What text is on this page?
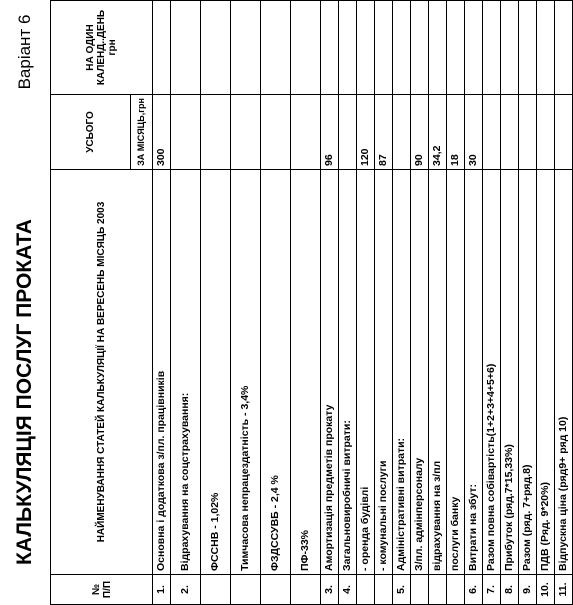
КАЛЬКУЛЯЦІЯ ПОСЛУГ ПРОКАТА
Варіант 6
№ П/П	НАЙМЕНУВАННЯ СТАТЕЙ КАЛЬКУЛЯЦІЇ НА ВЕРЕСЕНЬ МІСЯЦЬ 2003	УСЬОГО	НА ОДИН КАЛЕНД..ДЕНЬ грн
		ЗА МІСЯЦЬ,грн	
1.	Основна і додаткова з/пл. працівників	300	
2.	Відрахування на соцстрахування:		
	ФССНВ - 1,02%		
	Тимчасова непрацездатність - 3,4%		
	ФЗДССУВБ - 2,4 %		
	ПФ-33%		
3.	Амортизація предметів прокату	96	
4.	Загальновиробничі витрати:		
	- оренда будівлі	120	
	- комунальні послуги	87	
5.	Адміністративні витрати:		
	З/пл. адмінперсоналу	90	
	відрахування на з/пл	34,2	
	послуги банку	18	
6.	Витрати на збут:	30	
7.	Разом повна собівартість(1+2+3+4+5+6)		
8.	Прибуток (ряд.7*15,33%)		
9.	Разом (ряд. 7+ряд.8)		
10.	ПДВ (Ряд. 9*20%)		
11.	Відпускна ціна (ряд9+ ряд 10)		
